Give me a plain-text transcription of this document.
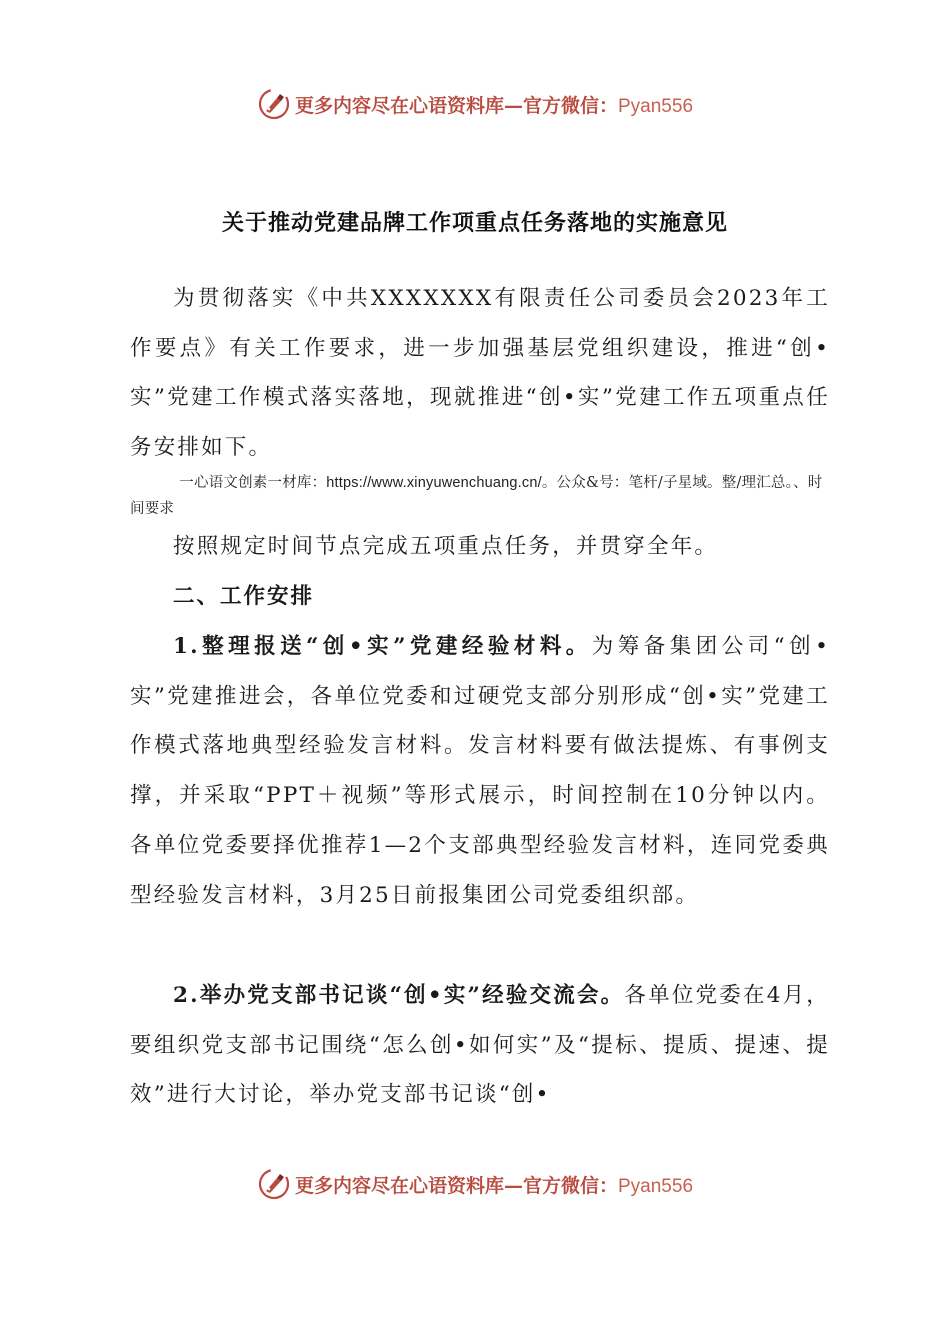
更多内容尽在心语资料库—官方微信：Pyan556
关于推动党建品牌工作项重点任务落地的实施意见

为贯彻落实《中共XXXXXXX有限责任公司委员会2023年工作要点》有关工作要求，进一步加强基层党组织建设，推进“创•实”党建工作模式落实落地，现就推进“创•实”党建工作五项重点任务安排如下。

一心语文创素一材库：https://www.xinyuwenchuang.cn/。公众&号：笔杆/子星域。整/理汇总。、时间要求

按照规定时间节点完成五项重点任务，并贯穿全年。

二、工作安排

1.整理报送“创•实”党建经验材料。为筹备集团公司“创•实”党建推进会，各单位党委和过硬党支部分别形成“创•实”党建工作模式落地典型经验发言材料。发言材料要有做法提炼、有事例支撑，并采取“PPT＋视频”等形式展示，时间控制在10分钟以内。各单位党委要择优推荐1—2个支部典型经验发言材料，连同党委典型经验发言材料，3月25日前报集团公司党委组织部。

2.举办党支部书记谈“创•实”经验交流会。各单位党委在4月，要组织党支部书记围绕“怎么创•如何实”及“提标、提质、提速、提效”进行大讨论，举办党支部书记谈“创•

更多内容尽在心语资料库—官方微信：Pyan556
